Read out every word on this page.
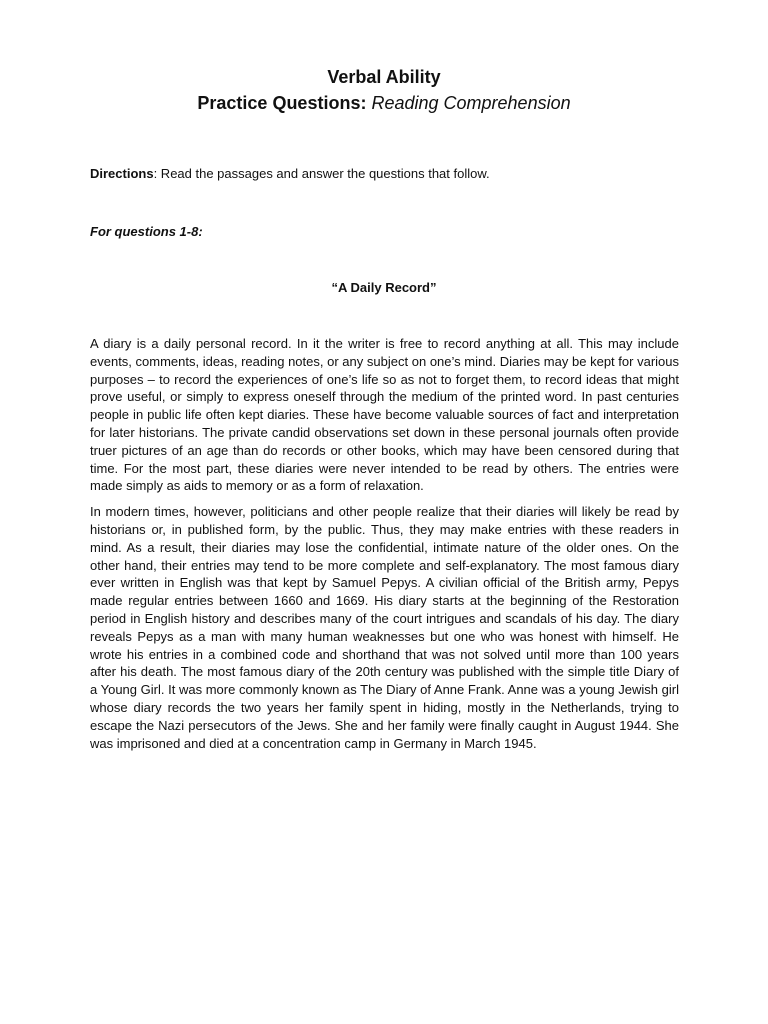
Verbal Ability

Practice Questions: Reading Comprehension

Directions: Read the passages and answer the questions that follow.

For questions 1-8:

“A Daily Record”

A diary is a daily personal record. In it the writer is free to record anything at all. This may include events, comments, ideas, reading notes, or any subject on one’s mind. Diaries may be kept for various purposes – to record the experiences of one’s life so as not to forget them, to record ideas that might prove useful, or simply to express oneself through the medium of the printed word. In past centuries people in public life often kept diaries. These have become valuable sources of fact and interpretation for later historians. The private candid observations set down in these personal journals often provide truer pictures of an age than do records or other books, which may have been censored during that time. For the most part, these diaries were never intended to be read by others. The entries were made simply as aids to memory or as a form of relaxation.

In modern times, however, politicians and other people realize that their diaries will likely be read by historians or, in published form, by the public. Thus, they may make entries with these readers in mind. As a result, their diaries may lose the confidential, intimate nature of the older ones. On the other hand, their entries may tend to be more complete and self-explanatory. The most famous diary ever written in English was that kept by Samuel Pepys. A civilian official of the British army, Pepys made regular entries between 1660 and 1669. His diary starts at the beginning of the Restoration period in English history and describes many of the court intrigues and scandals of his day. The diary reveals Pepys as a man with many human weaknesses but one who was honest with himself. He wrote his entries in a combined code and shorthand that was not solved until more than 100 years after his death. The most famous diary of the 20th century was published with the simple title Diary of a Young Girl. It was more commonly known as The Diary of Anne Frank. Anne was a young Jewish girl whose diary records the two years her family spent in hiding, mostly in the Netherlands, trying to escape the Nazi persecutors of the Jews. She and her family were finally caught in August 1944. She was imprisoned and died at a concentration camp in Germany in March 1945.
